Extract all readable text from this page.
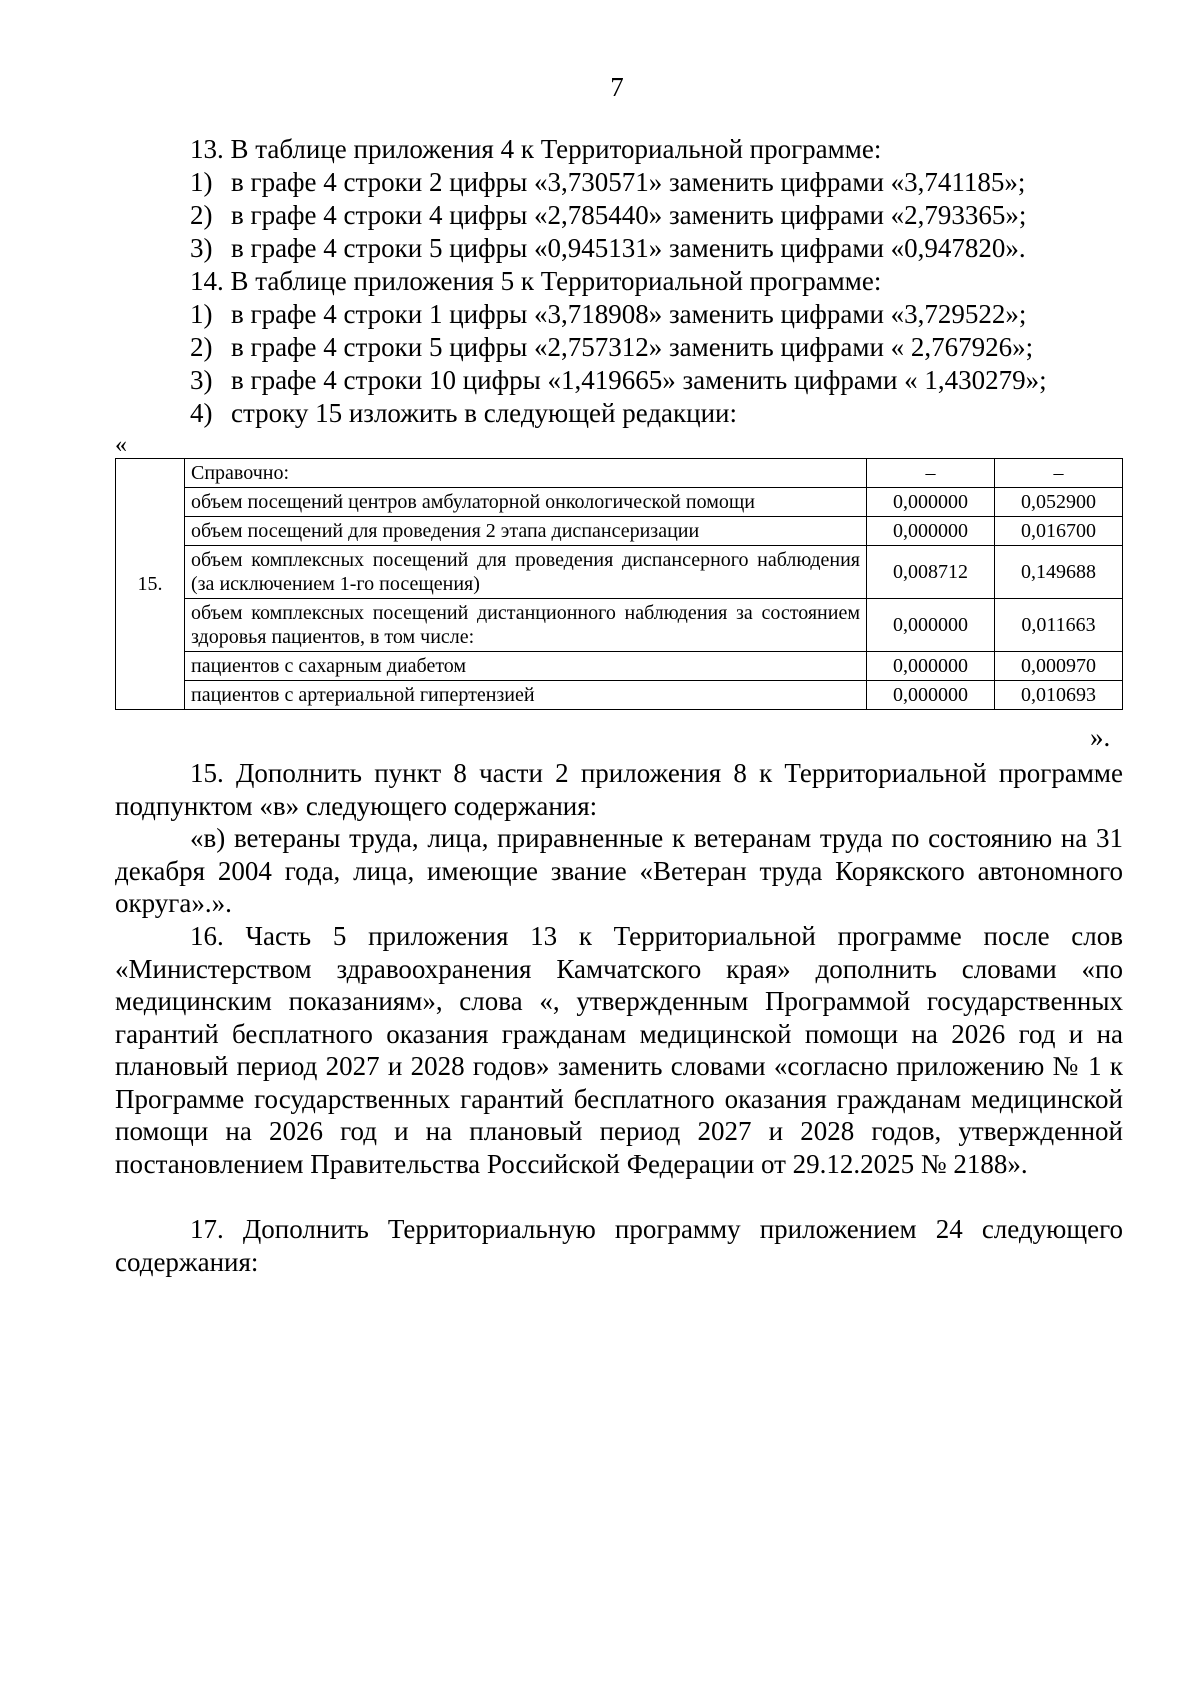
7
13. В таблице приложения 4 к Территориальной программе:
1) в графе 4 строки 2 цифры «3,730571» заменить цифрами «3,741185»;
2) в графе 4 строки 4 цифры «2,785440» заменить цифрами «2,793365»;
3) в графе 4 строки 5 цифры «0,945131» заменить цифрами «0,947820».
14. В таблице приложения 5 к Территориальной программе:
1) в графе 4 строки 1 цифры «3,718908» заменить цифрами «3,729522»;
2) в графе 4 строки 5 цифры «2,757312» заменить цифрами « 2,767926»;
3) в графе 4 строки 10 цифры «1,419665» заменить цифрами « 1,430279»;
4) строку 15 изложить в следующей редакции:
«
15.	Справочно:	–	–
	объем посещений центров амбулаторной онкологической помощи	0,000000	0,052900
	объем посещений для проведения 2 этапа диспансеризации	0,000000	0,016700
	объем комплексных посещений для проведения диспансерного наблюдения (за исключением 1-го посещения)	0,008712	0,149688
	объем комплексных посещений дистанционного наблюдения за состоянием здоровья пациентов, в том числе:	0,000000	0,011663
	пациентов с сахарным диабетом	0,000000	0,000970
	пациентов с артериальной гипертензией	0,000000	0,010693
».
15. Дополнить пункт 8 части 2 приложения 8 к Территориальной программе подпунктом «в» следующего содержания:
«в) ветераны труда, лица, приравненные к ветеранам труда по состоянию на 31 декабря 2004 года, лица, имеющие звание «Ветеран труда Корякского автономного округа».».
16. Часть 5 приложения 13 к Территориальной программе после слов «Министерством здравоохранения Камчатского края» дополнить словами «по медицинским показаниям», слова «, утвержденным Программой государственных гарантий бесплатного оказания гражданам медицинской помощи на 2026 год и на плановый период 2027 и 2028 годов» заменить словами «согласно приложению № 1 к Программе государственных гарантий бесплатного оказания гражданам медицинской помощи на 2026 год и на плановый период 2027 и 2028 годов, утвержденной постановлением Правительства Российской Федерации от 29.12.2025 № 2188».
17. Дополнить Территориальную программу приложением 24 следующего содержания:
